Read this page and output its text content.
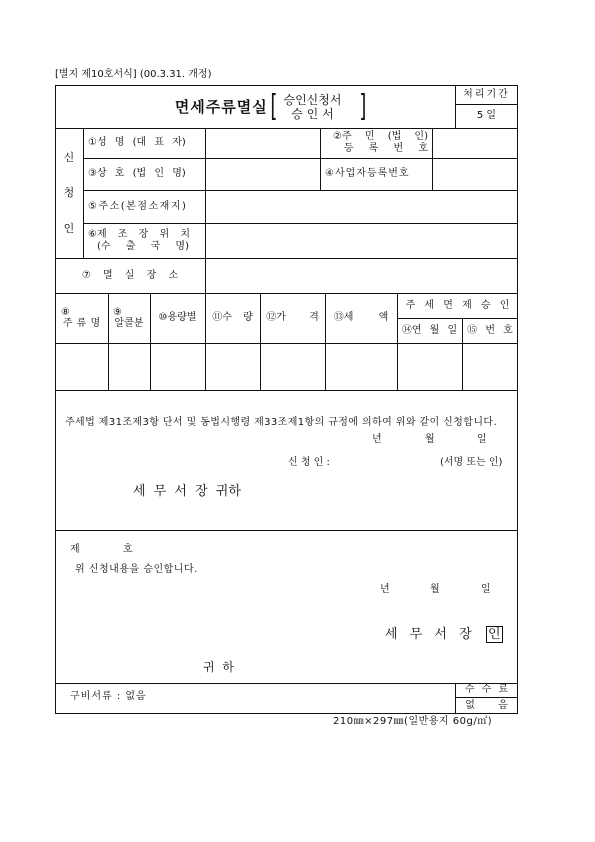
[별지 제10호서식] (00.3.31. 개정)
면세주류멸실 [ 승인신청서
승 인 서 ]	처리기간
5 일
신
청
인
①성 명 (대 표 자)
②주 민 (법 인)
등 록 번 호
③상 호 (법 인 명)	④사업자등록번호
⑤주소(본점소재지)
⑥제 조 장 위 치
(수 출 국 명)
⑦ 멸 실 장 소
⑧
주 류 명
⑨
알콜분	⑩용량별	⑪수 량	⑫가 격	⑬세 액
주 세 면 제 승 인
⑭연 월 일 ⑮ 번 호
주세법 제31조제3항 단서 및 동법시행령 제33조제1항의 규정에 의하여 위와 같이 신청합니다.
년	월	일
신 청 인 :	(서명 또는 인)
세 무 서 장 귀하
제	호
위 신청내용을 승인합니다.
년	월	일
세 무 서 장 인
귀 하
구비서류 : 없음
수 수 료
없 음
210㎜×297㎜(일반용지 60g/㎡)
